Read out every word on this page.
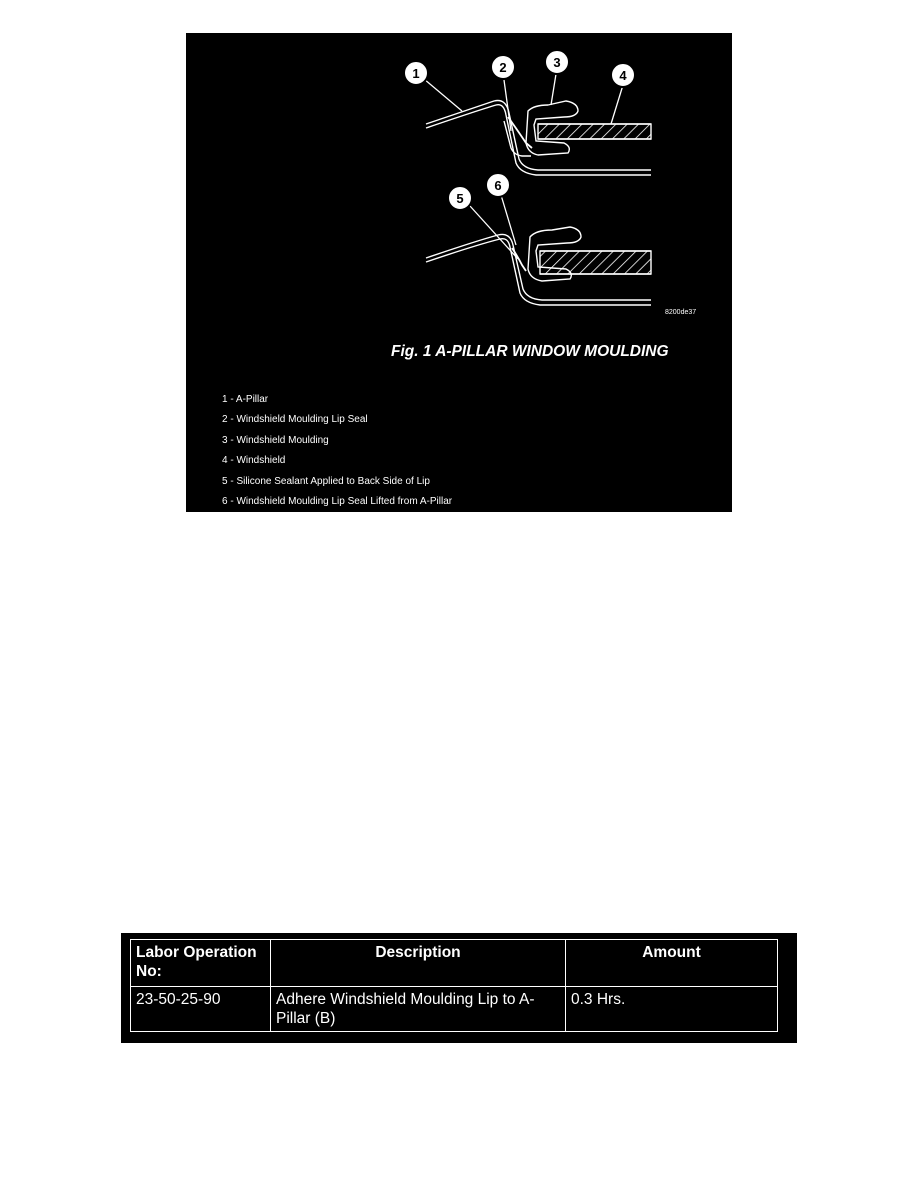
1	2	3
4
5
6
8200de37
Fig. 1 A-PILLAR WINDOW MOULDING
1 - A-Pillar
2 - Windshield Moulding Lip Seal
3 - Windshield Moulding
4 - Windshield
5 - Silicone Sealant Applied to Back Side of Lip
6 - Windshield Moulding Lip Seal Lifted from A-Pillar
Labor Operation No:	Description	Amount
23-50-25-90	Adhere Windshield Moulding Lip to A-Pillar (B)	0.3 Hrs.
